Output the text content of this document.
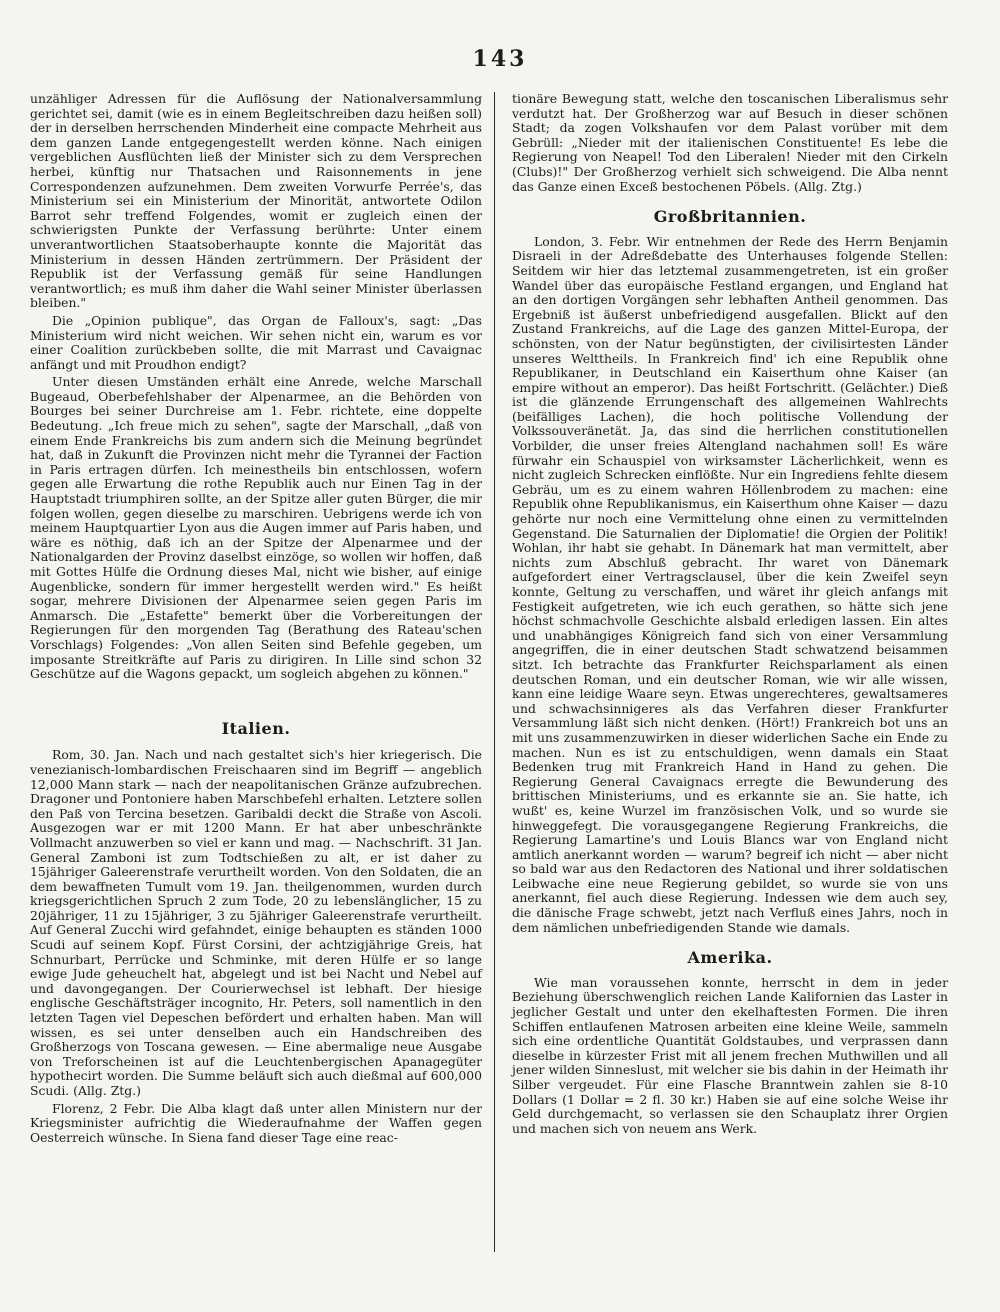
143

unzähliger Adressen für die Auflösung der Nationalversammlung gerichtet sei, damit (wie es in einem Begleitschreiben dazu heißen soll) der in derselben herrschenden Minderheit eine compacte Mehrheit aus dem ganzen Lande entgegengestellt werden könne. Nach einigen vergeblichen Ausflüchten ließ der Minister sich zu dem Versprechen herbei, künftig nur Thatsachen und Raisonnements in jene Correspondenzen aufzunehmen. Dem zweiten Vorwurfe Perrée's, das Ministerium sei ein Ministerium der Minorität, antwortete Odilon Barrot sehr treffend Folgendes, womit er zugleich einen der schwierigsten Punkte der Verfassung berührte: Unter einem unverantwortlichen Staatsoberhaupte konnte die Majorität das Ministerium in dessen Händen zertrümmern. Der Präsident der Republik ist der Verfassung gemäß für seine Handlungen verantwortlich; es muß ihm daher die Wahl seiner Minister überlassen bleiben."

Die „Opinion publique", das Organ de Falloux's, sagt: „Das Ministerium wird nicht weichen. Wir sehen nicht ein, warum es vor einer Coalition zurückbeben sollte, die mit Marrast und Cavaignac anfängt und mit Proudhon endigt?

Unter diesen Umständen erhält eine Anrede, welche Marschall Bugeaud, Oberbefehlshaber der Alpenarmee, an die Behörden von Bourges bei seiner Durchreise am 1. Febr. richtete, eine doppelte Bedeutung. „Ich freue mich zu sehen", sagte der Marschall, „daß von einem Ende Frankreichs bis zum andern sich die Meinung begründet hat, daß in Zukunft die Provinzen nicht mehr die Tyrannei der Faction in Paris ertragen dürfen. Ich meinestheils bin entschlossen, wofern gegen alle Erwartung die rothe Republik auch nur Einen Tag in der Hauptstadt triumphiren sollte, an der Spitze aller guten Bürger, die mir folgen wollen, gegen dieselbe zu marschiren. Uebrigens werde ich von meinem Hauptquartier Lyon aus die Augen immer auf Paris haben, und wäre es nöthig, daß ich an der Spitze der Alpenarmee und der Nationalgarden der Provinz daselbst einzöge, so wollen wir hoffen, daß mit Gottes Hülfe die Ordnung dieses Mal, nicht wie bisher, auf einige Augenblicke, sondern für immer hergestellt werden wird." Es heißt sogar, mehrere Divisionen der Alpenarmee seien gegen Paris im Anmarsch. Die „Estafette" bemerkt über die Vorbereitungen der Regierungen für den morgenden Tag (Berathung des Rateau'schen Vorschlags) Folgendes: „Von allen Seiten sind Befehle gegeben, um imposante Streitkräfte auf Paris zu dirigiren. In Lille sind schon 32 Geschütze auf die Wagons gepackt, um sogleich abgehen zu können."

Italien.

Rom, 30. Jan. Nach und nach gestaltet sich's hier kriegerisch. Die venezianisch-lombardischen Freischaaren sind im Begriff — angeblich 12,000 Mann stark — nach der neapolitanischen Gränze aufzubrechen. Dragoner und Pontoniere haben Marschbefehl erhalten. Letztere sollen den Paß von Tercina besetzen. Garibaldi deckt die Straße von Ascoli. Ausgezogen war er mit 1200 Mann. Er hat aber unbeschränkte Vollmacht anzuwerben so viel er kann und mag. — Nachschrift. 31 Jan. General Zamboni ist zum Todtschießen zu alt, er ist daher zu 15jähriger Galeerenstrafe verurtheilt worden. Von den Soldaten, die an dem bewaffneten Tumult vom 19. Jan. theilgenommen, wurden durch kriegsgerichtlichen Spruch 2 zum Tode, 20 zu lebenslänglicher, 15 zu 20jähriger, 11 zu 15jähriger, 3 zu 5jähriger Galeerenstrafe verurtheilt. Auf General Zucchi wird gefahndet, einige behaupten es ständen 1000 Scudi auf seinem Kopf. Fürst Corsini, der achtzigjährige Greis, hat Schnurbart, Perrücke und Schminke, mit deren Hülfe er so lange ewige Jude geheuchelt hat, abgelegt und ist bei Nacht und Nebel auf und davongegangen. Der Courierwechsel ist lebhaft. Der hiesige englische Geschäftsträger incognito, Hr. Peters, soll namentlich in den letzten Tagen viel Depeschen befördert und erhalten haben. Man will wissen, es sei unter denselben auch ein Handschreiben des Großherzogs von Toscana gewesen. — Eine abermalige neue Ausgabe von Treforscheinen ist auf die Leuchtenbergischen Apanagegüter hypothecirt worden. Die Summe beläuft sich auch dießmal auf 600,000 Scudi. (Allg. Ztg.)

Florenz, 2 Febr. Die Alba klagt daß unter allen Ministern nur der Kriegsminister aufrichtig die Wiederaufnahme der Waffen gegen Oesterreich wünsche. In Siena fand dieser Tage eine reac-

tionäre Bewegung statt, welche den toscanischen Liberalismus sehr verdutzt hat. Der Großherzog war auf Besuch in dieser schönen Stadt; da zogen Volkshaufen vor dem Palast vorüber mit dem Gebrüll: „Nieder mit der italienischen Constituente! Es lebe die Regierung von Neapel! Tod den Liberalen! Nieder mit den Cirkeln (Clubs)!" Der Großherzog verhielt sich schweigend. Die Alba nennt das Ganze einen Exceß bestochenen Pöbels. (Allg. Ztg.)

Großbritannien.

London, 3. Febr. Wir entnehmen der Rede des Herrn Benjamin Disraeli in der Adreßdebatte des Unterhauses folgende Stellen: Seitdem wir hier das letztemal zusammengetreten, ist ein großer Wandel über das europäische Festland ergangen, und England hat an den dortigen Vorgängen sehr lebhaften Antheil genommen. Das Ergebniß ist äußerst unbefriedigend ausgefallen. Blickt auf den Zustand Frankreichs, auf die Lage des ganzen Mittel-Europa, der schönsten, von der Natur begünstigten, der civilisirtesten Länder unseres Welttheils. In Frankreich find' ich eine Republik ohne Republikaner, in Deutschland ein Kaiserthum ohne Kaiser (an empire without an emperor). Das heißt Fortschritt. (Gelächter.) Dieß ist die glänzende Errungenschaft des allgemeinen Wahlrechts (beifälliges Lachen), die hoch politische Vollendung der Volkssouveränetät. Ja, das sind die herrlichen constitutionellen Vorbilder, die unser freies Altengland nachahmen soll! Es wäre fürwahr ein Schauspiel von wirksamster Lächerlichkeit, wenn es nicht zugleich Schrecken einflößte. Nur ein Ingrediens fehlte diesem Gebräu, um es zu einem wahren Höllenbrodem zu machen: eine Republik ohne Republikanismus, ein Kaiserthum ohne Kaiser — dazu gehörte nur noch eine Vermittelung ohne einen zu vermittelnden Gegenstand. Die Saturnalien der Diplomatie! die Orgien der Politik! Wohlan, ihr habt sie gehabt. In Dänemark hat man vermittelt, aber nichts zum Abschluß gebracht. Ihr waret von Dänemark aufgefordert einer Vertragsclausel, über die kein Zweifel seyn konnte, Geltung zu verschaffen, und wäret ihr gleich anfangs mit Festigkeit aufgetreten, wie ich euch gerathen, so hätte sich jene höchst schmachvolle Geschichte alsbald erledigen lassen. Ein altes und unabhängiges Königreich fand sich von einer Versammlung angegriffen, die in einer deutschen Stadt schwatzend beisammen sitzt. Ich betrachte das Frankfurter Reichsparlament als einen deutschen Roman, und ein deutscher Roman, wie wir alle wissen, kann eine leidige Waare seyn. Etwas ungerechteres, gewaltsameres und schwachsinnigeres als das Verfahren dieser Frankfurter Versammlung läßt sich nicht denken. (Hört!) Frankreich bot uns an mit uns zusammenzuwirken in dieser widerlichen Sache ein Ende zu machen. Nun es ist zu entschuldigen, wenn damals ein Staat Bedenken trug mit Frankreich Hand in Hand zu gehen. Die Regierung General Cavaignacs erregte die Bewunderung des brittischen Ministeriums, und es erkannte sie an. Sie hatte, ich wußt' es, keine Wurzel im französischen Volk, und so wurde sie hinweggefegt. Die vorausgegangene Regierung Frankreichs, die Regierung Lamartine's und Louis Blancs war von England nicht amtlich anerkannt worden — warum? begreif ich nicht — aber nicht so bald war aus den Redactoren des National und ihrer soldatischen Leibwache eine neue Regierung gebildet, so wurde sie von uns anerkannt, fiel auch diese Regierung. Indessen wie dem auch sey, die dänische Frage schwebt, jetzt nach Verfluß eines Jahrs, noch in dem nämlichen unbefriedigenden Stande wie damals.

Amerika.

Wie man voraussehen konnte, herrscht in dem in jeder Beziehung überschwenglich reichen Lande Kalifornien das Laster in jeglicher Gestalt und unter den ekelhaftesten Formen. Die ihren Schiffen entlaufenen Matrosen arbeiten eine kleine Weile, sammeln sich eine ordentliche Quantität Goldstaubes, und verprassen dann dieselbe in kürzester Frist mit all jenem frechen Muthwillen und all jener wilden Sinneslust, mit welcher sie bis dahin in der Heimath ihr Silber vergeudet. Für eine Flasche Branntwein zahlen sie 8-10 Dollars (1 Dollar = 2 fl. 30 kr.) Haben sie auf eine solche Weise ihr Geld durchgemacht, so verlassen sie den Schauplatz ihrer Orgien und machen sich von neuem ans Werk.
